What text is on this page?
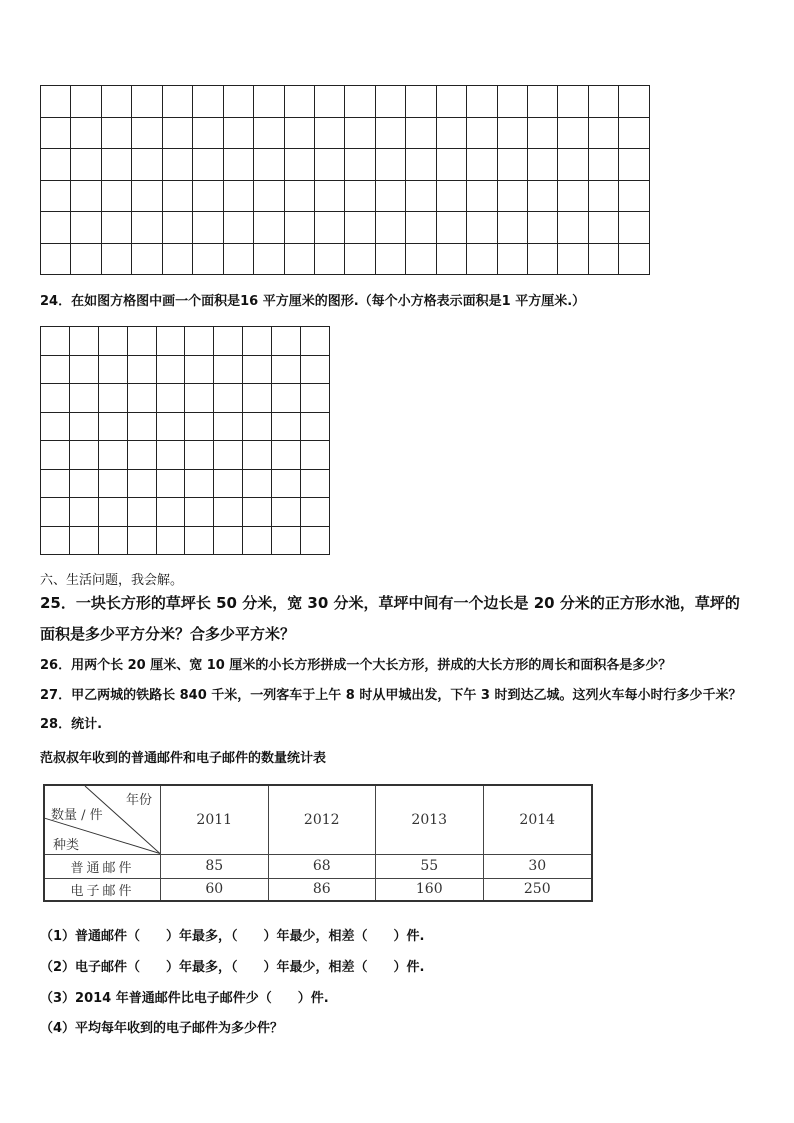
24．在如图方格图中画一个面积是16 平方厘米的图形.（每个小方格表示面积是1 平方厘米.）

六、生活问题，我会解。
25．一块长方形的草坪长 50 分米，宽 30 分米，草坪中间有一个边长是 20 分米的正方形水池，草坪的
面积是多少平方分米？合多少平方米？
26．用两个长 20 厘米、宽 10 厘米的小长方形拼成一个大长方形，拼成的大长方形的周长和面积各是多少？
27．甲乙两城的铁路长 840 千米，一列客车于上午 8 时从甲城出发，下午 3 时到达乙城。这列火车每小时行多少千米？
28．统计.
范叔叔年收到的普通邮件和电子邮件的数量统计表
年份
数量 / 件
种类	2011	2012	2013	2014
普通邮件	85	68	55	30
电子邮件	60	86	160	250
（1）普通邮件（　　）年最多，（　　）年最少，相差（　　）件.
（2）电子邮件（　　）年最多，（　　）年最少，相差（　　）件.
（3）2014 年普通邮件比电子邮件少（　　）件.
（4）平均每年收到的电子邮件为多少件？
